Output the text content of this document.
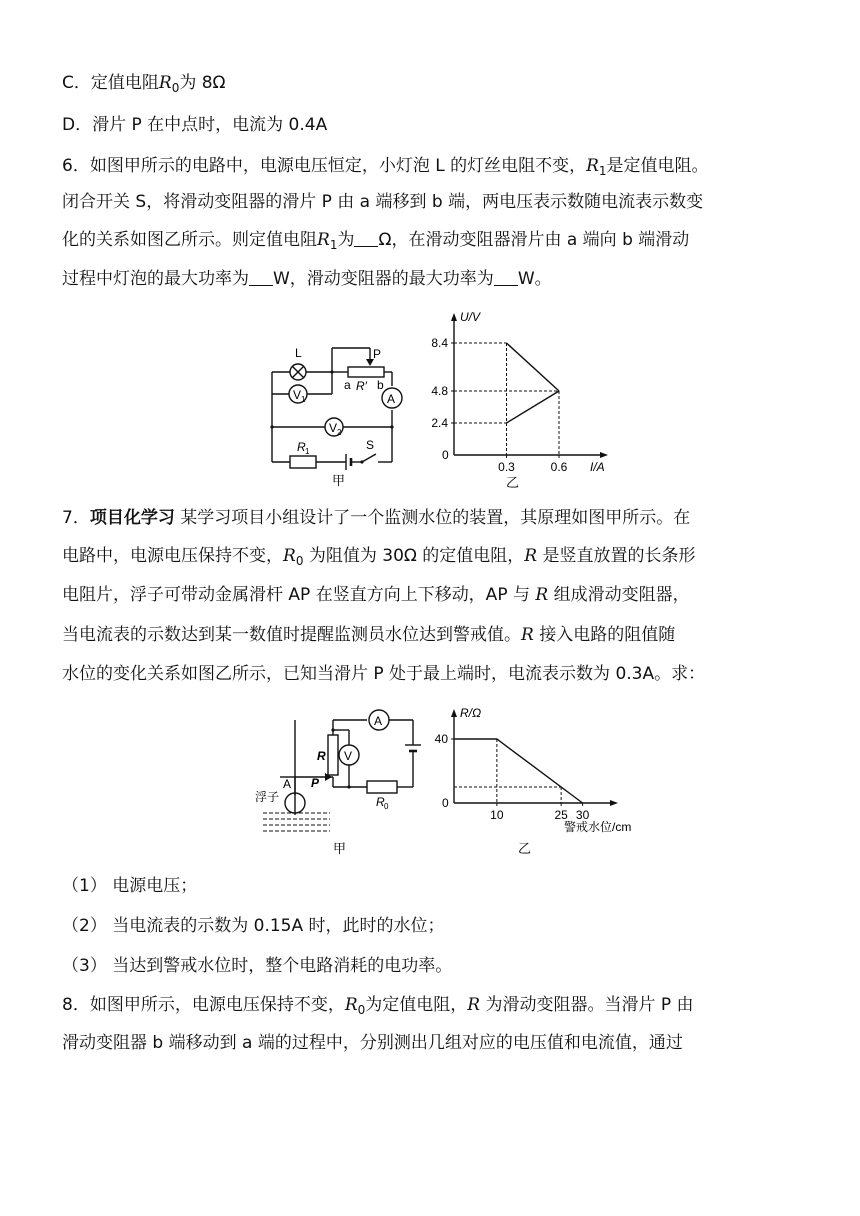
C．定值电阻$R_0$为 8Ω
D．滑片 P 在中点时，电流为 0.4A
6．如图甲所示的电路中，电源电压恒定，小灯泡 L 的灯丝电阻不变，$R_1$是定值电阻。
闭合开关 S，将滑动变阻器的滑片 P 由 a 端移到 b 端，两电压表示数随电流表示数变
化的关系如图乙所示。则定值电阻$R_1$为 Ω，在滑动变阻器滑片由 a 端向 b 端滑动
过程中灯泡的最大功率为 W，滑动变阻器的最大功率为 W。
L	P
a R′ b
A
V 1
V 2
R 1	S
甲
U/V
I/A
0
2.4
4.8
8.4
0.3	0.6
乙
7．项目化学习 某学习项目小组设计了一个监测水位的装置，其原理如图甲所示。在
电路中，电源电压保持不变，$R_0$ 为阻值为 30Ω 的定值电阻，R 是竖直放置的长条形
电阻片，浮子可带动金属滑杆 AP 在竖直方向上下移动，AP 与 R 组成滑动变阻器，
当电流表的示数达到某一数值时提醒监测员水位达到警戒值。R 接入电路的阻值随
水位的变化关系如图乙所示，已知当滑片 P 处于最上端时，电流表示数为 0.3A。求：
A
V
R
A P
浮子	R 0
甲
R/Ω
警戒水位/cm
0
40
10	25 30
乙
（1） 电源电压；
（2） 当电流表的示数为 0.15A 时，此时的水位；
（3） 当达到警戒水位时，整个电路消耗的电功率。
8．如图甲所示，电源电压保持不变，$R_0$为定值电阻，R 为滑动变阻器。当滑片 P 由
滑动变阻器 b 端移动到 a 端的过程中，分别测出几组对应的电压值和电流值，通过
